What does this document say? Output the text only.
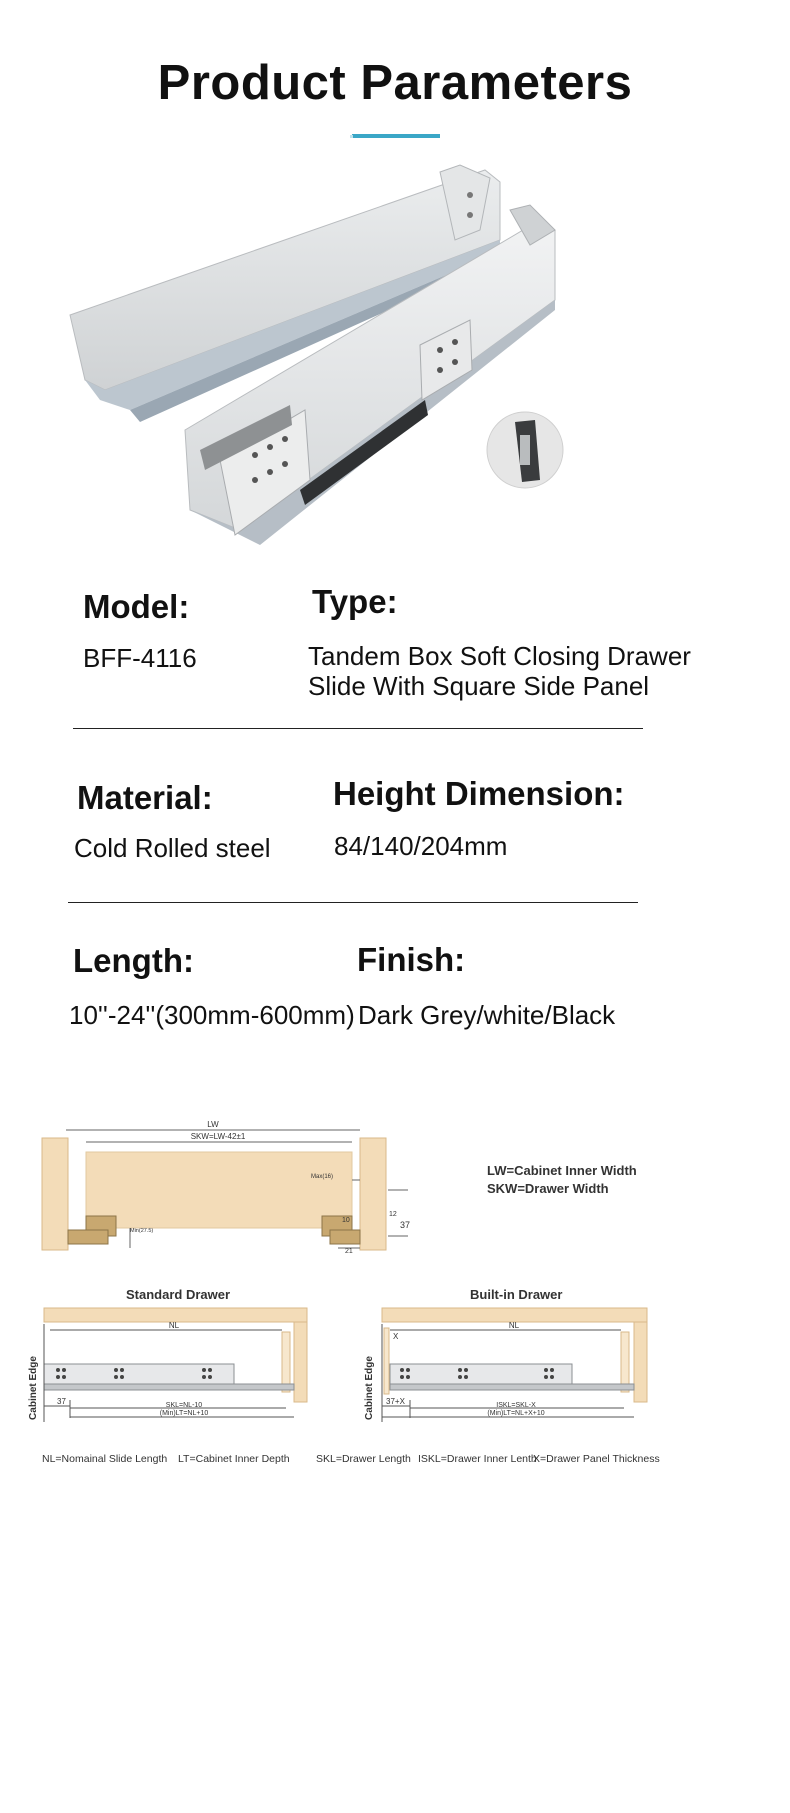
Product Parameters
Model:
BFF-4116
Type:
Tandem Box Soft Closing Drawer
Slide With Square Side Panel
Material:
Cold Rolled steel
Height Dimension:
84/140/204mm
Length:
10''-24''(300mm-600mm)
Finish:
Dark Grey/white/Black
LW
SKW=LW-42±1
Max(16)
Min(27.5)
10
12
37
21
LW=Cabinet Inner Width
SKW=Drawer Width
Standard Drawer
NL
37	SKL=NL-10
(Min)LT=NL+10
Cabinet Edge
Built-in Drawer
NL
X
37+X	ISKL=SKL-X
(Min)LT=NL+X+10
Cabinet Edge
NL=Nomainal Slide Length LT=Cabinet Inner Depth	SKL=Drawer Length ISKL=Drawer Inner Lenth
X=Drawer Panel Thickness
